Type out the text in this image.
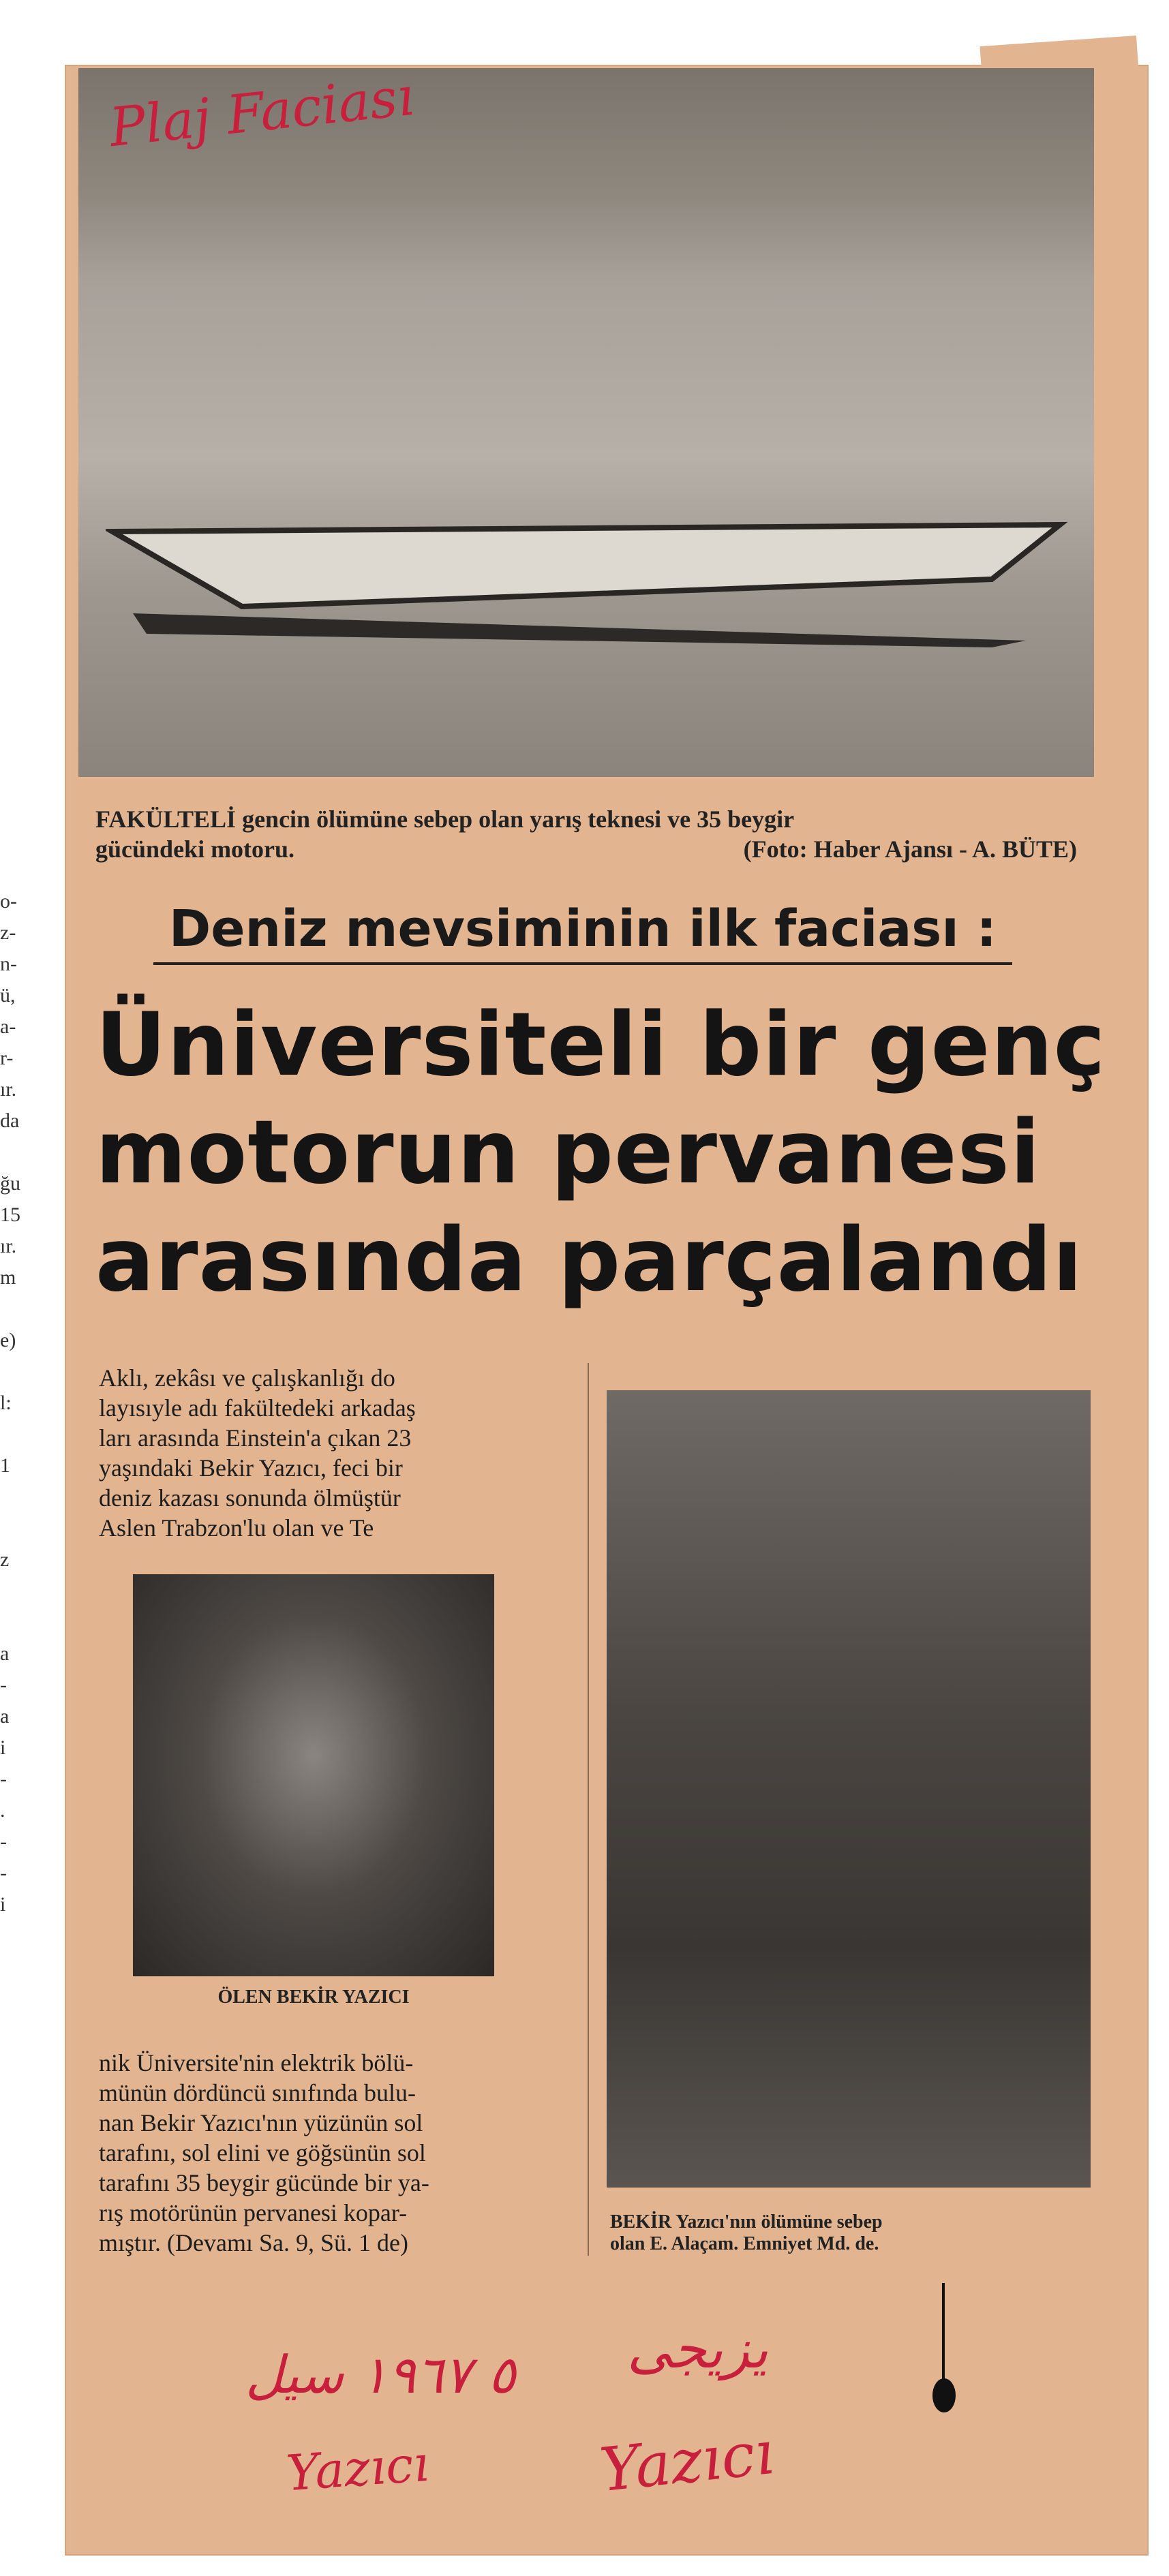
o-
z-
n-
ü,
a-
r-
ır.
da

ğu
15
ır.
m

e)

l:

1

z

a
-
a
i
-
.
-
-
i
Plaj Faciası
FAKÜLTELİ gencin ölümüne sebep olan yarış teknesi ve 35 beygir
gücündeki motoru.	(Foto: Haber Ajansı - A. BÜTE)
Deniz mevsiminin ilk faciası :
Üniversiteli bir genç
motorun pervanesi
arasında parçalandı
Aklı, zekâsı ve çalışkanlığı do
layısıyle adı fakültedeki arkadaş
ları arasında Einstein'a çıkan 23
yaşındaki Bekir Yazıcı, feci bir
deniz kazası sonunda ölmüştür
Aslen Trabzon'lu olan ve Te
ÖLEN BEKİR YAZICI
nik Üniversite'nin elektrik bölü-
münün dördüncü sınıfında bulu-
nan Bekir Yazıcı'nın yüzünün sol
tarafını, sol elini ve göğsünün sol
tarafını 35 beygir gücünde bir ya-
rış motörünün pervanesi kopar-
mıştır. (Devamı Sa. 9, Sü. 1 de)
BEKİR Yazıcı'nın ölümüne sebep
olan E. Alaçam. Emniyet Md. de.
٥ ١٩٦٧ ﺳﻴﻞ ﻳﺰﻳﺠﻰ
Yazıcı	Yazıcı
